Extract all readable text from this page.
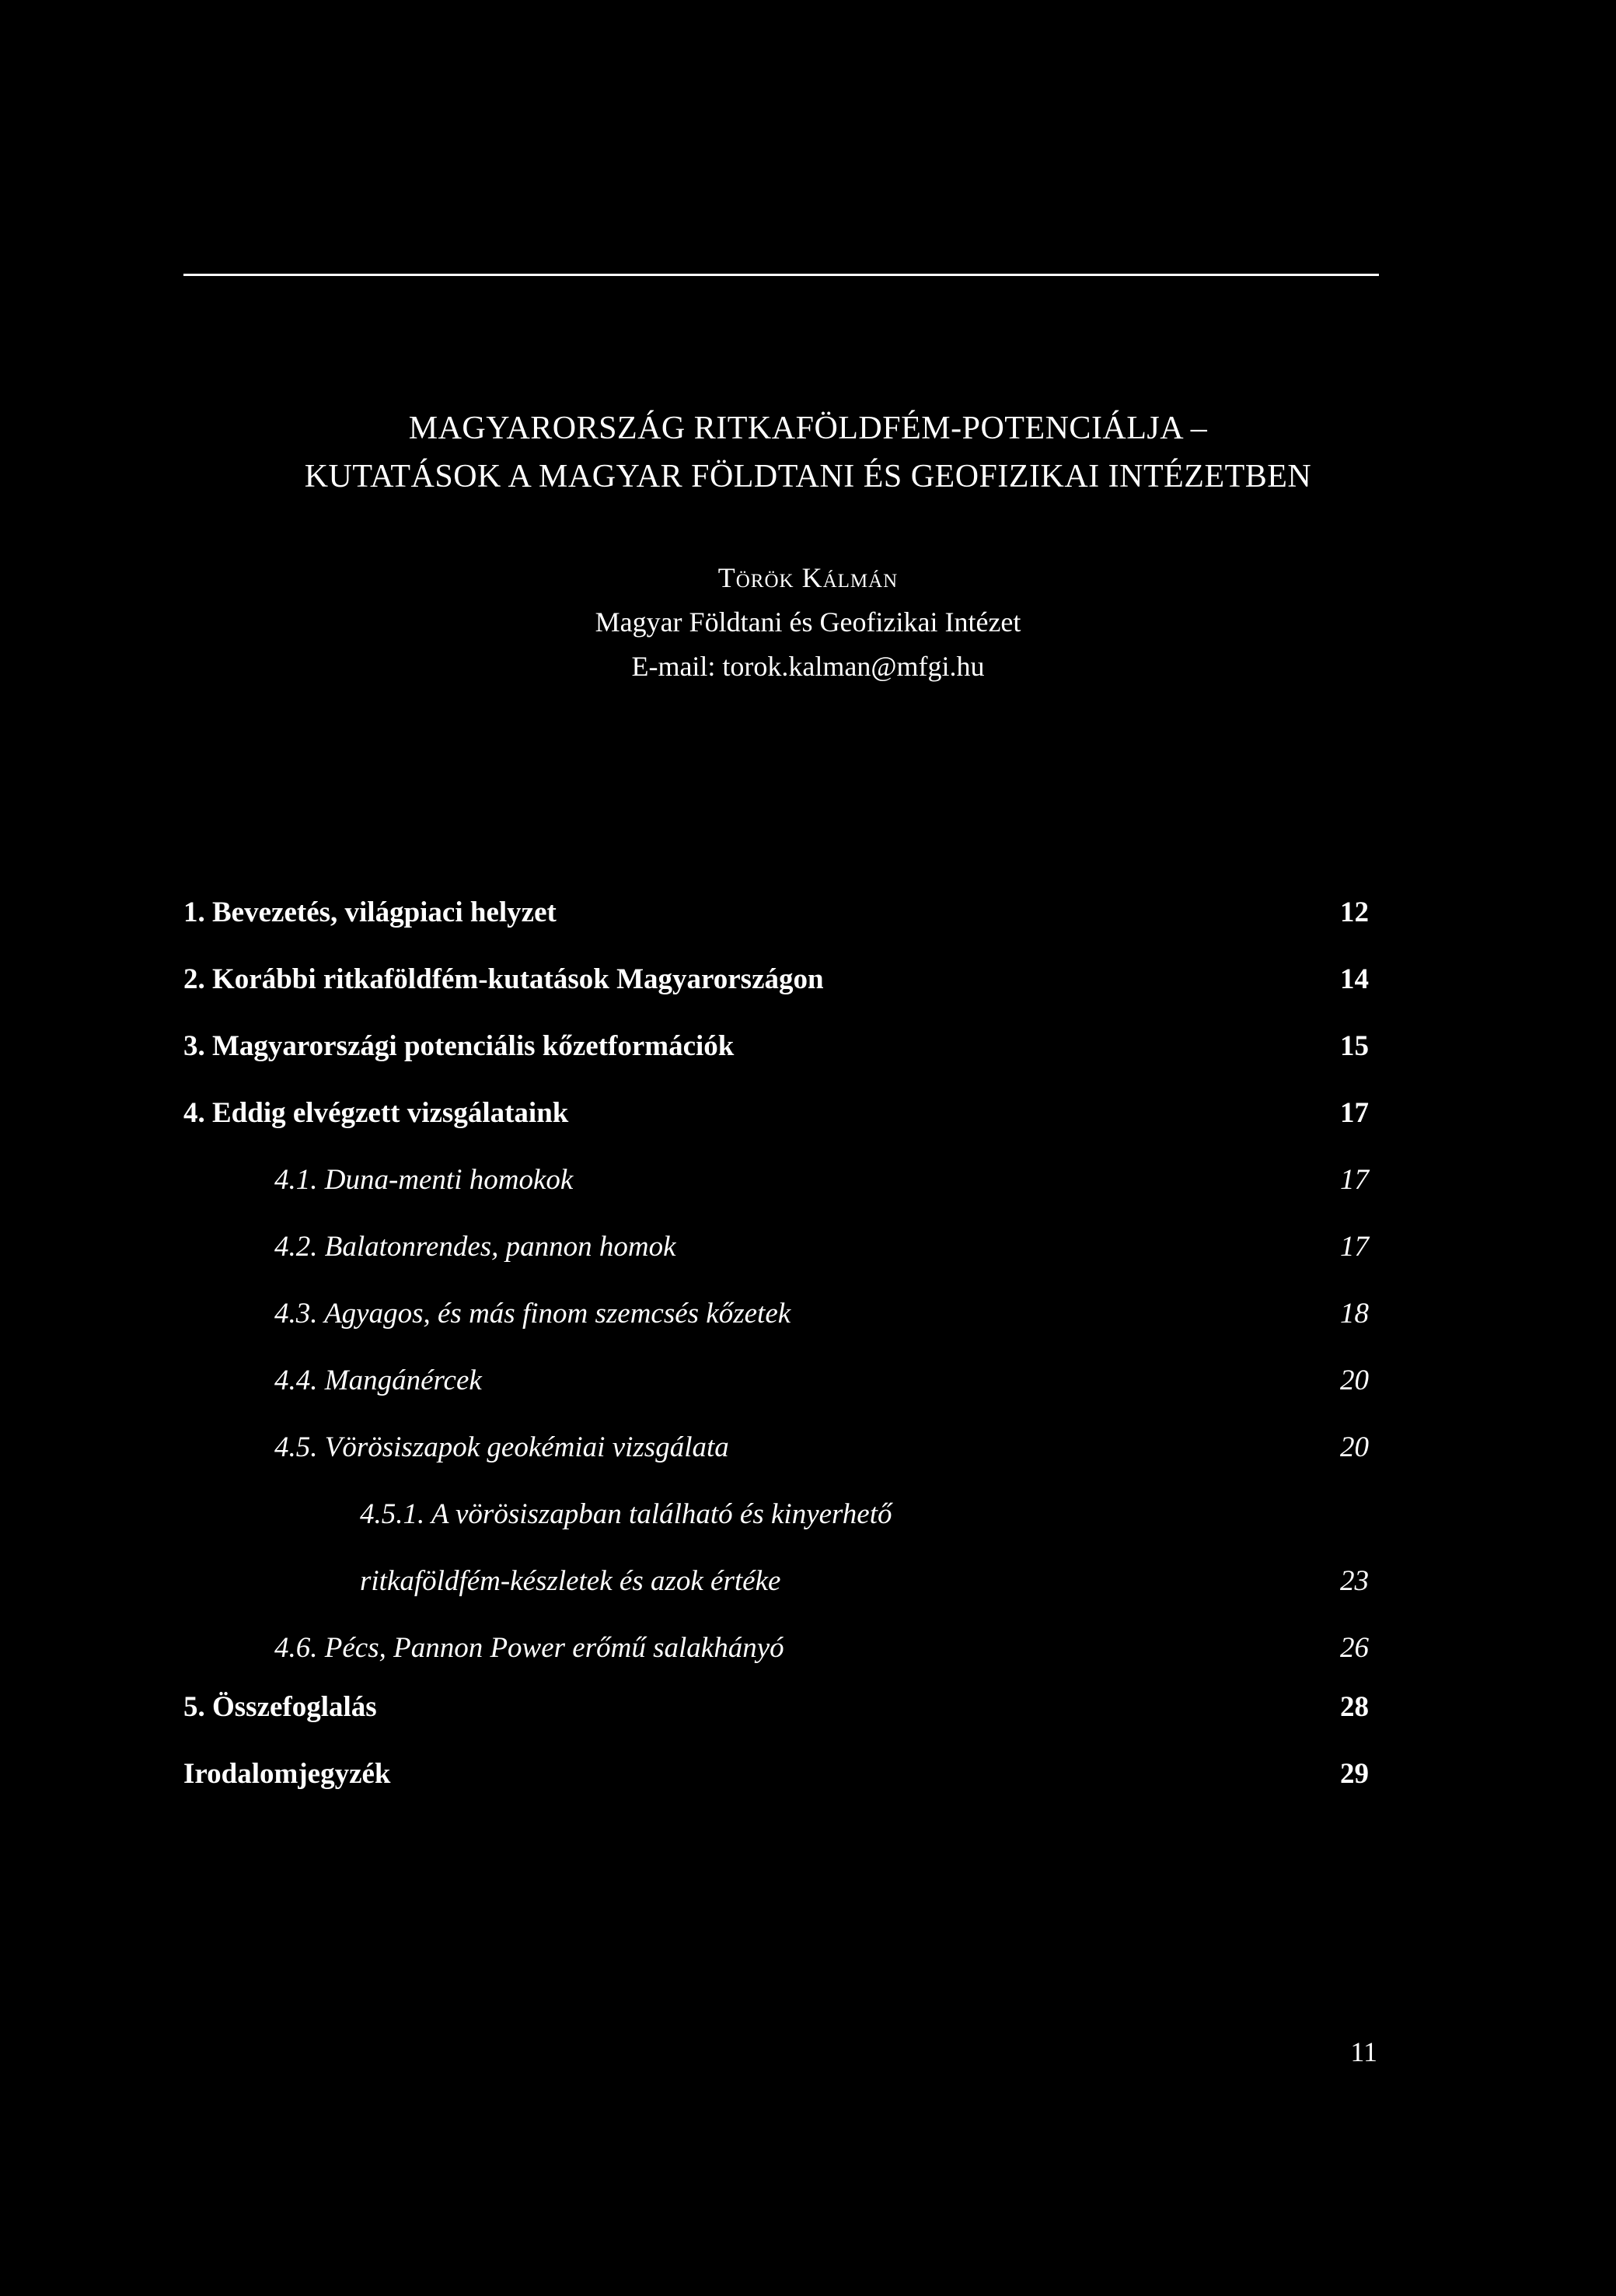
MAGYARORSZÁG RITKAFÖLDFÉM-POTENCIÁLJA –
KUTATÁSOK A MAGYAR FÖLDTANI ÉS GEOFIZIKAI INTÉZETBEN
Török Kálmán
Magyar Földtani és Geofizikai Intézet
E-mail: torok.kalman@mfgi.hu
1. Bevezetés, világpiaci helyzet	12
2. Korábbi ritkaföldfém-kutatások Magyarországon	14
3. Magyarországi potenciális kőzetformációk	15
4. Eddig elvégzett vizsgálataink	17
4.1. Duna-menti homokok	17
4.2. Balatonrendes, pannon homok	17
4.3. Agyagos, és más finom szemcsés kőzetek	18
4.4. Mangánércek	20
4.5. Vörösiszapok geokémiai vizsgálata	20
4.5.1. A vörösiszapban található és kinyerhető
ritkaföldfém-készletek és azok értéke	23
4.6. Pécs, Pannon Power erőmű salakhányó	26
5. Összefoglalás	28
Irodalomjegyzék	29
11
